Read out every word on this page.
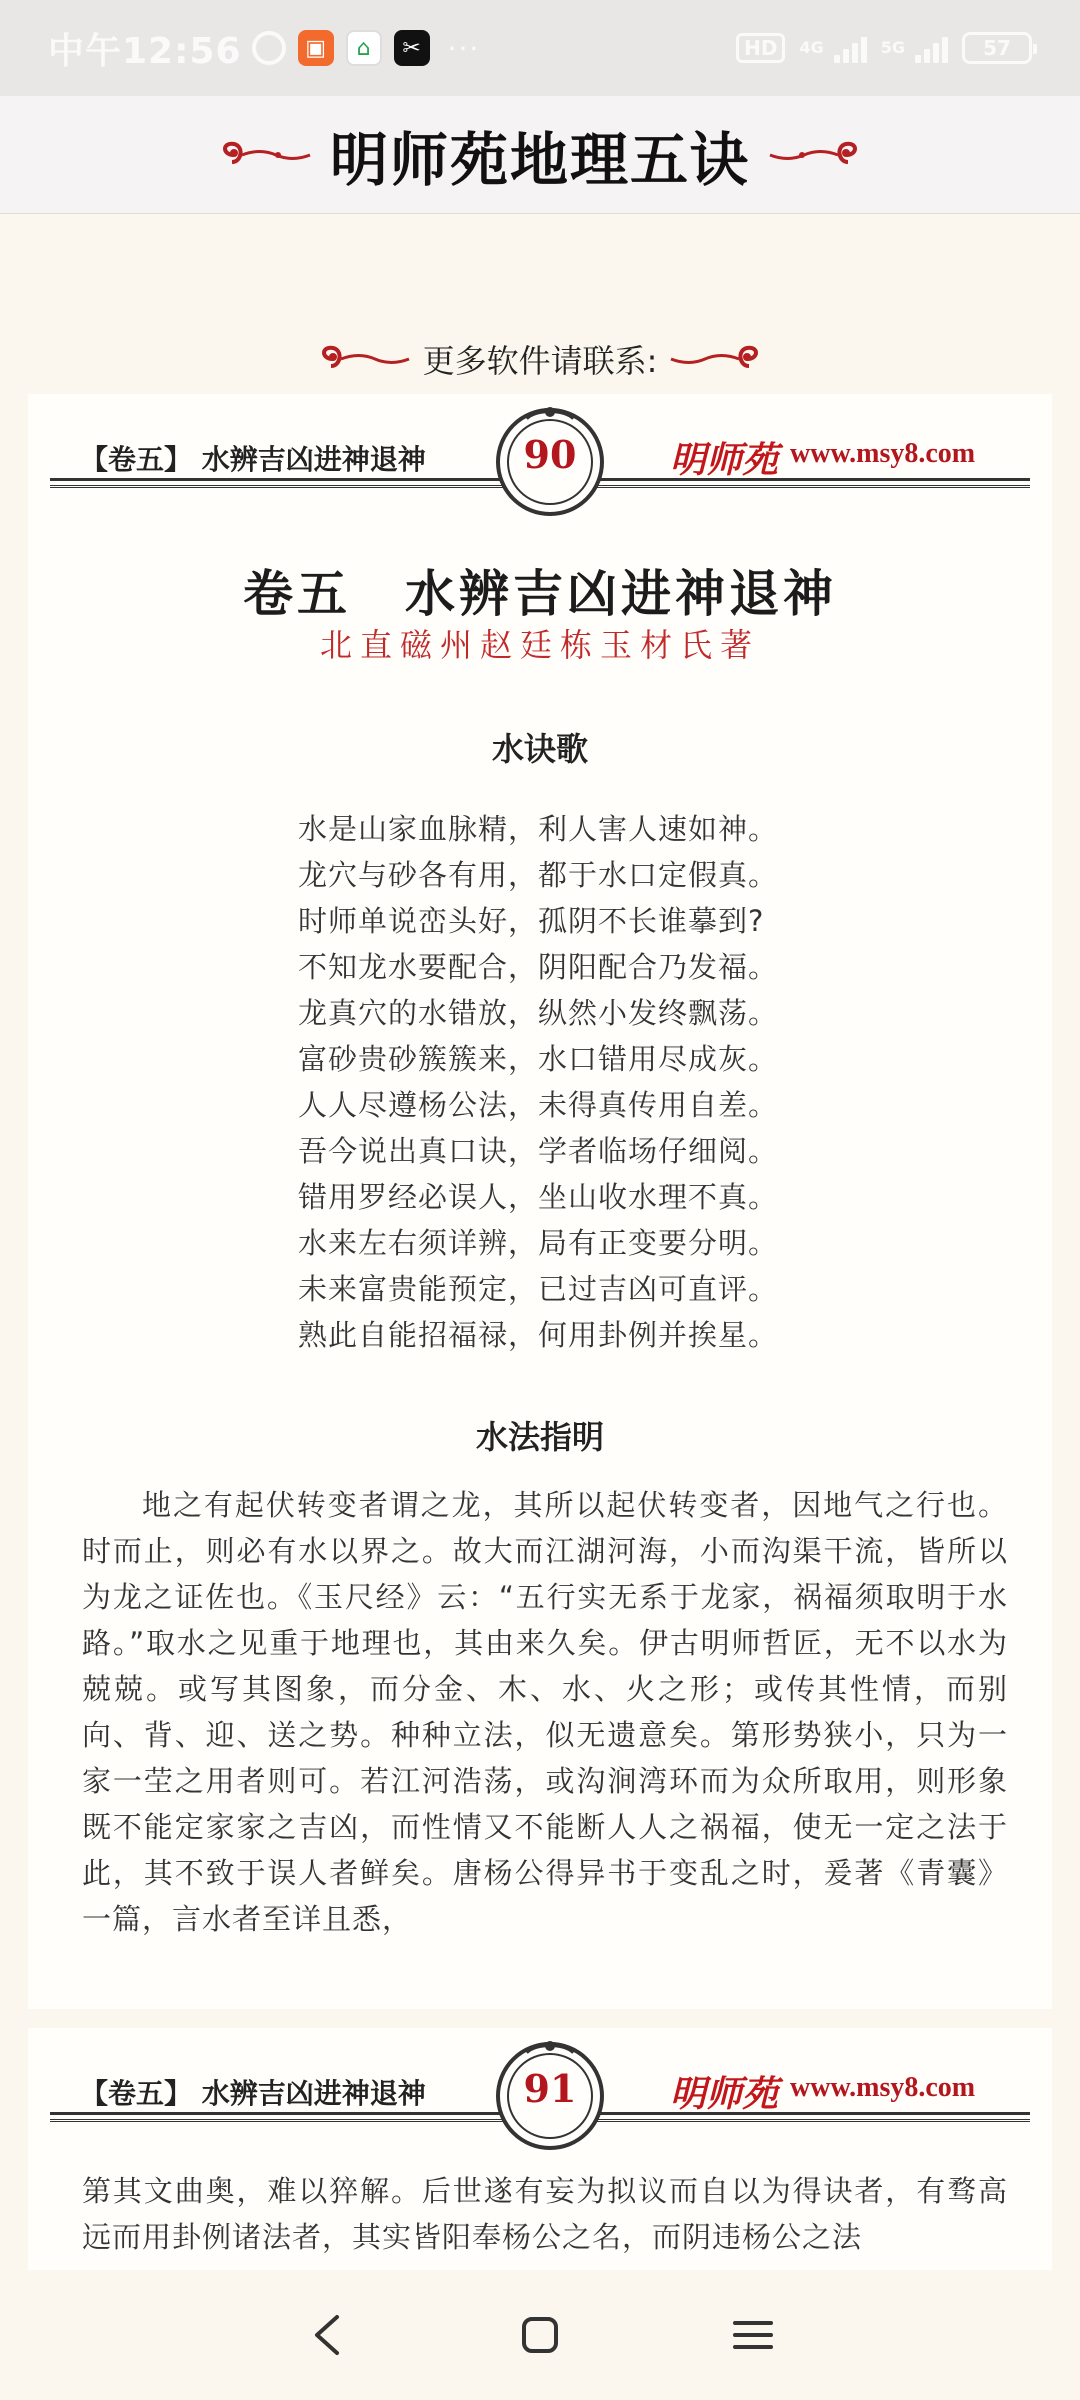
中午12:56	▣	⌂	✂ ···	HD	4G	5G	57
明师苑地理五诀
更多软件请联系:
【卷五】 水辨吉凶进神退神	90	明师苑 www.msy8.com
卷五　水辨吉凶进神退神
北直磁州赵廷栋玉材氏著
水诀歌
水是山家血脉精，利人害人速如神。
龙穴与砂各有用，都于水口定假真。
时师单说峦头好，孤阴不长谁摹到?
不知龙水要配合，阴阳配合乃发福。
龙真穴的水错放，纵然小发终飘荡。
富砂贵砂簇簇来，水口错用尽成灰。
人人尽遵杨公法，未得真传用自差。
吾今说出真口诀，学者临场仔细阅。
错用罗经必误人，坐山收水理不真。
水来左右须详辨，局有正变要分明。
未来富贵能预定，已过吉凶可直评。
熟此自能招福禄，何用卦例并挨星。
水法指明

地之有起伏转变者谓之龙，其所以起伏转变者，因地气之行也。时而止，则必有水以界之。故大而江湖河海，小而沟渠干流，皆所以为龙之证佐也。《玉尺经》云：“五行实无系于龙家，祸福须取明于水路。”取水之见重于地理也，其由来久矣。伊古明师哲匠，无不以水为兢兢。或写其图象，而分金、木、水、火之形；或传其性情，而别向、背、迎、送之势。种种立法，似无遗意矣。第形势狭小，只为一家一茔之用者则可。若江河浩荡，或沟涧湾环而为众所取用，则形象既不能定家家之吉凶，而性情又不能断人人之祸福，使无一定之法于此，其不致于误人者鲜矣。唐杨公得异书于变乱之时，爰著《青囊》一篇，言水者至详且悉，

【卷五】 水辨吉凶进神退神	91	明师苑 www.msy8.com

第其文曲奥，难以猝解。后世遂有妄为拟议而自以为得诀者，有骛高远而用卦例诸法者，其实皆阳奉杨公之名，而阴违杨公之法
